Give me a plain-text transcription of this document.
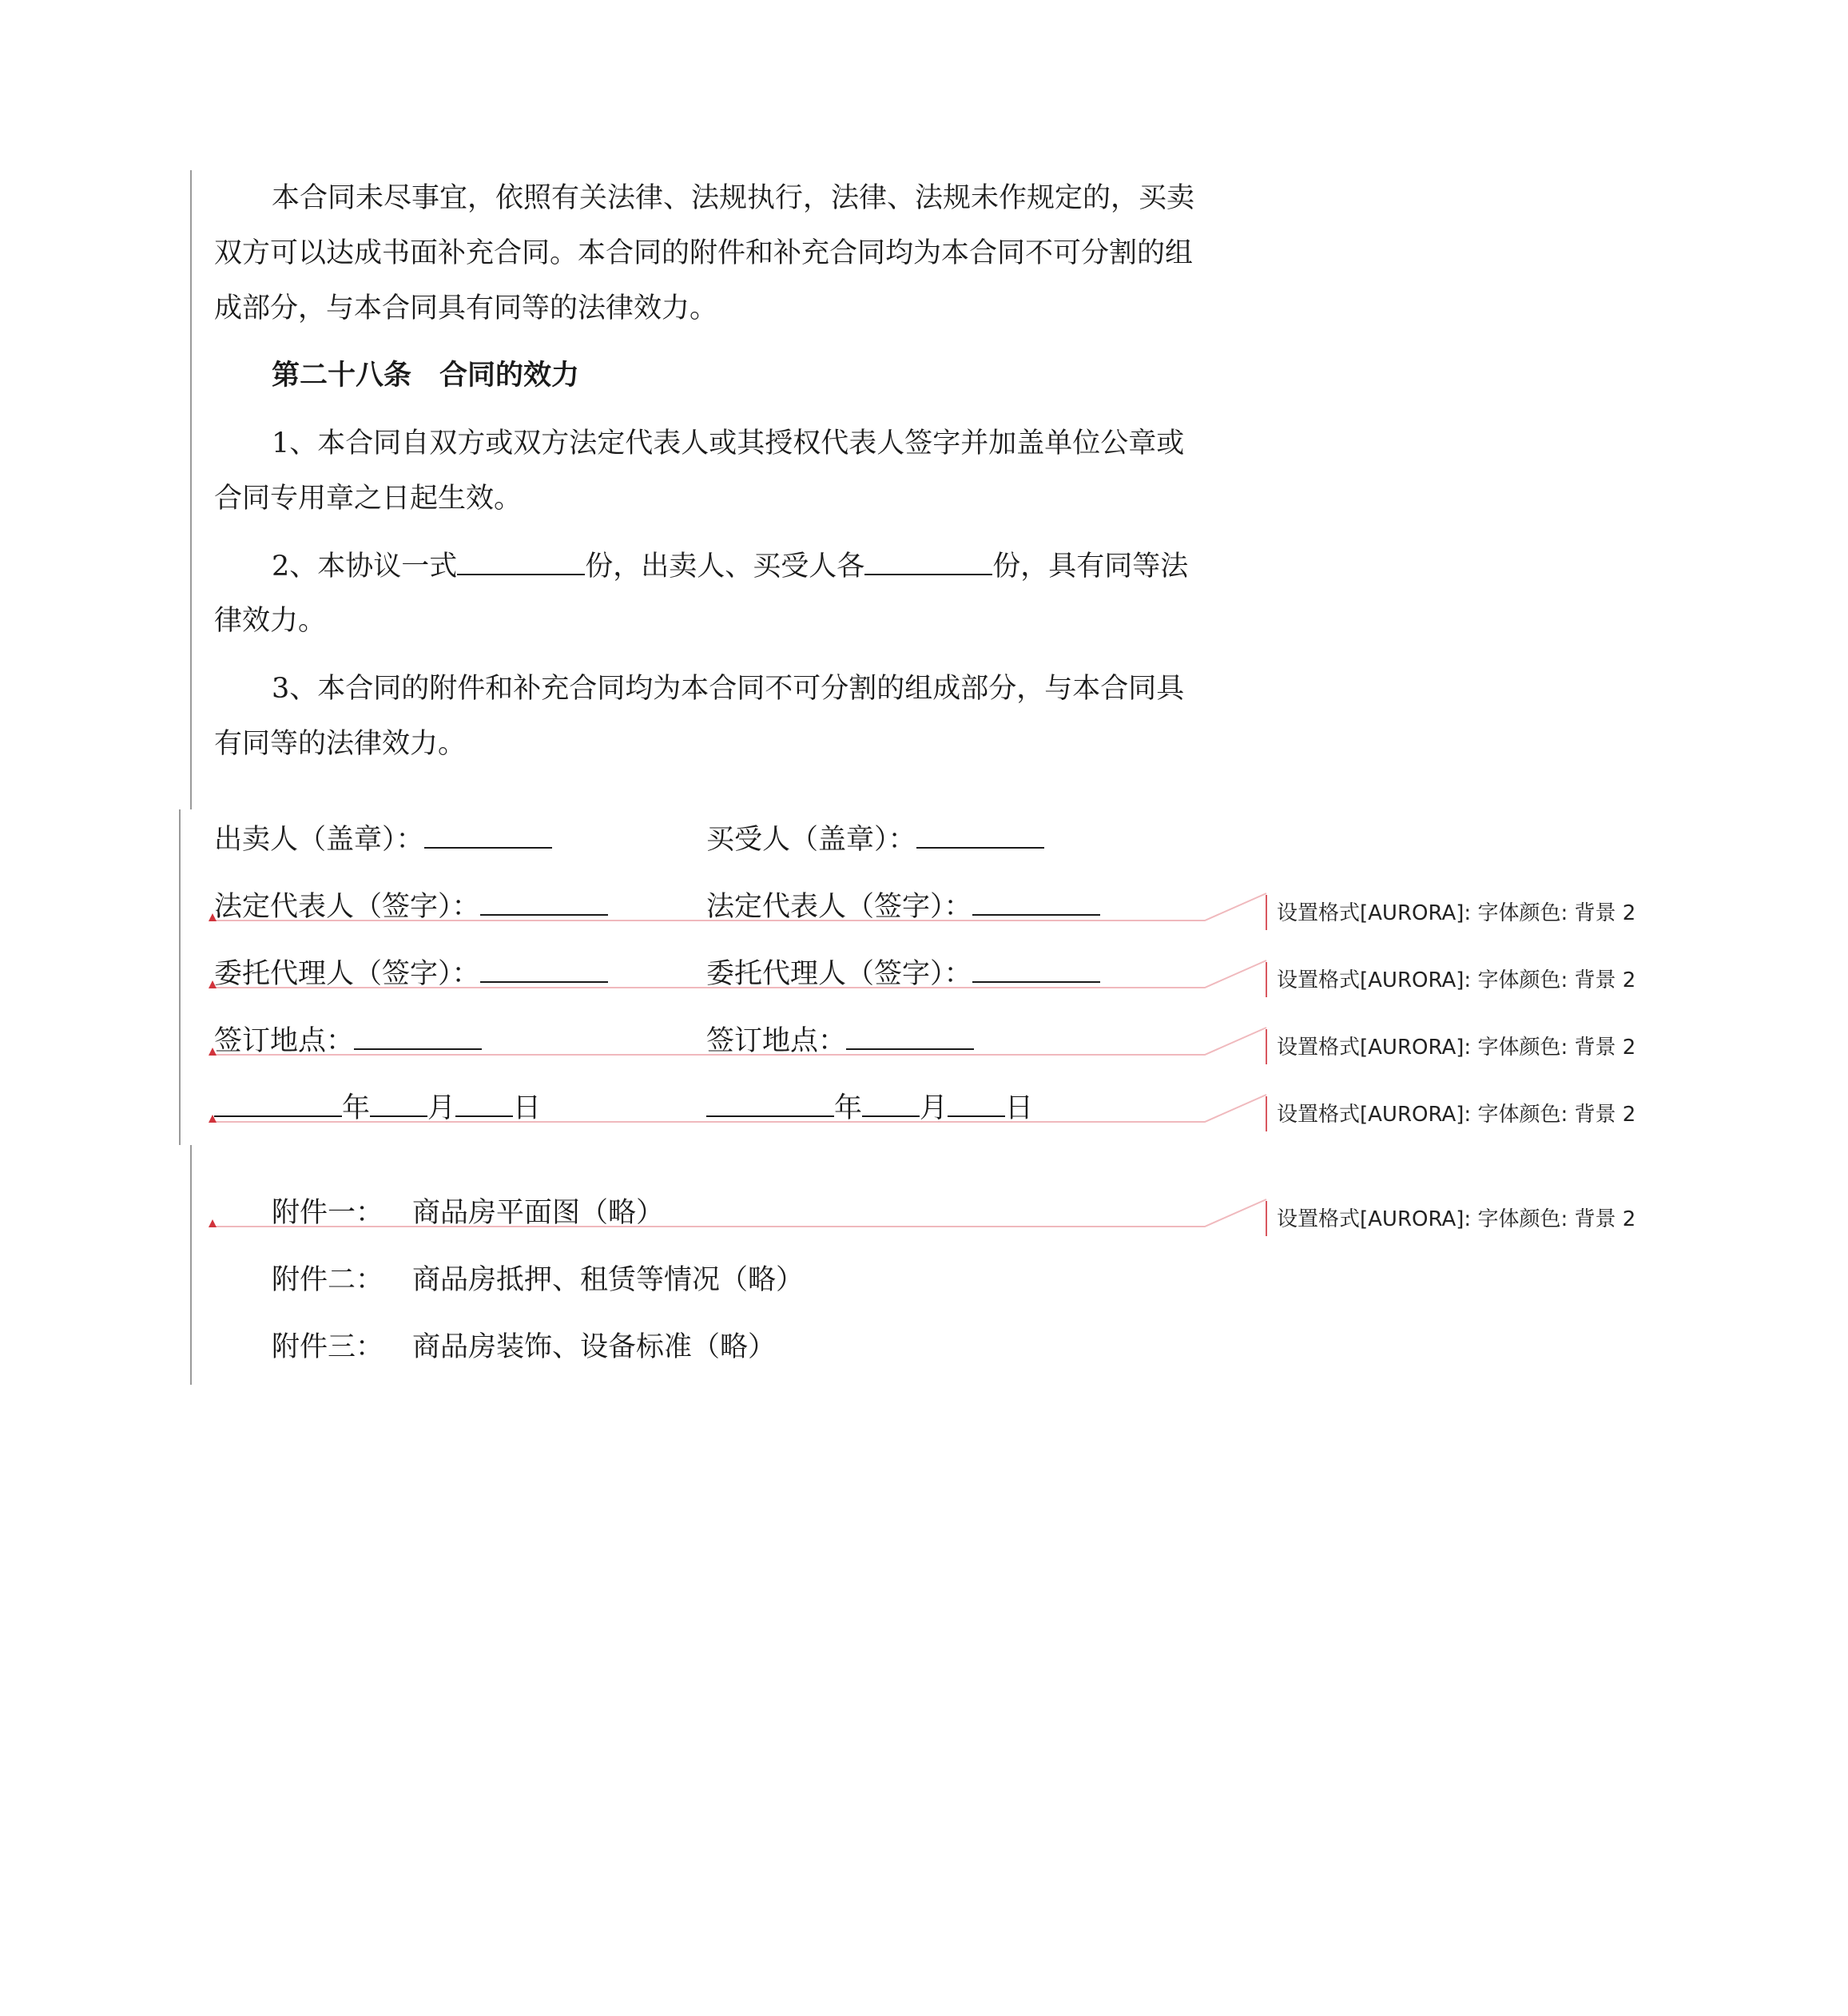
本合同未尽事宜，依照有关法律、法规执行，法律、法规未作规定的，买卖
双方可以达成书面补充合同。本合同的附件和补充合同均为本合同不可分割的组
成部分，与本合同具有同等的法律效力。
第二十八条　合同的效力
1、本合同自双方或双方法定代表人或其授权代表人签字并加盖单位公章或
合同专用章之日起生效。
2、本协议一式	份，出卖人、买受人各	份，具有同等法
律效力。
3、本合同的附件和补充合同均为本合同不可分割的组成部分，与本合同具
有同等的法律效力。
出卖人（盖章）：	买受人（盖章）：
法定代表人（签字）：	法定代表人（签字）：
委托代理人（签字）：	委托代理人（签字）：
签订地点：	签订地点：
年 月 日	年 月 日
附件一： 商品房平面图（略）
附件二： 商品房抵押、租赁等情况（略）
附件三： 商品房装饰、设备标准（略）
设置格式[AURORA]: 字体颜色: 背景 2
设置格式[AURORA]: 字体颜色: 背景 2
设置格式[AURORA]: 字体颜色: 背景 2
设置格式[AURORA]: 字体颜色: 背景 2
设置格式[AURORA]: 字体颜色: 背景 2
